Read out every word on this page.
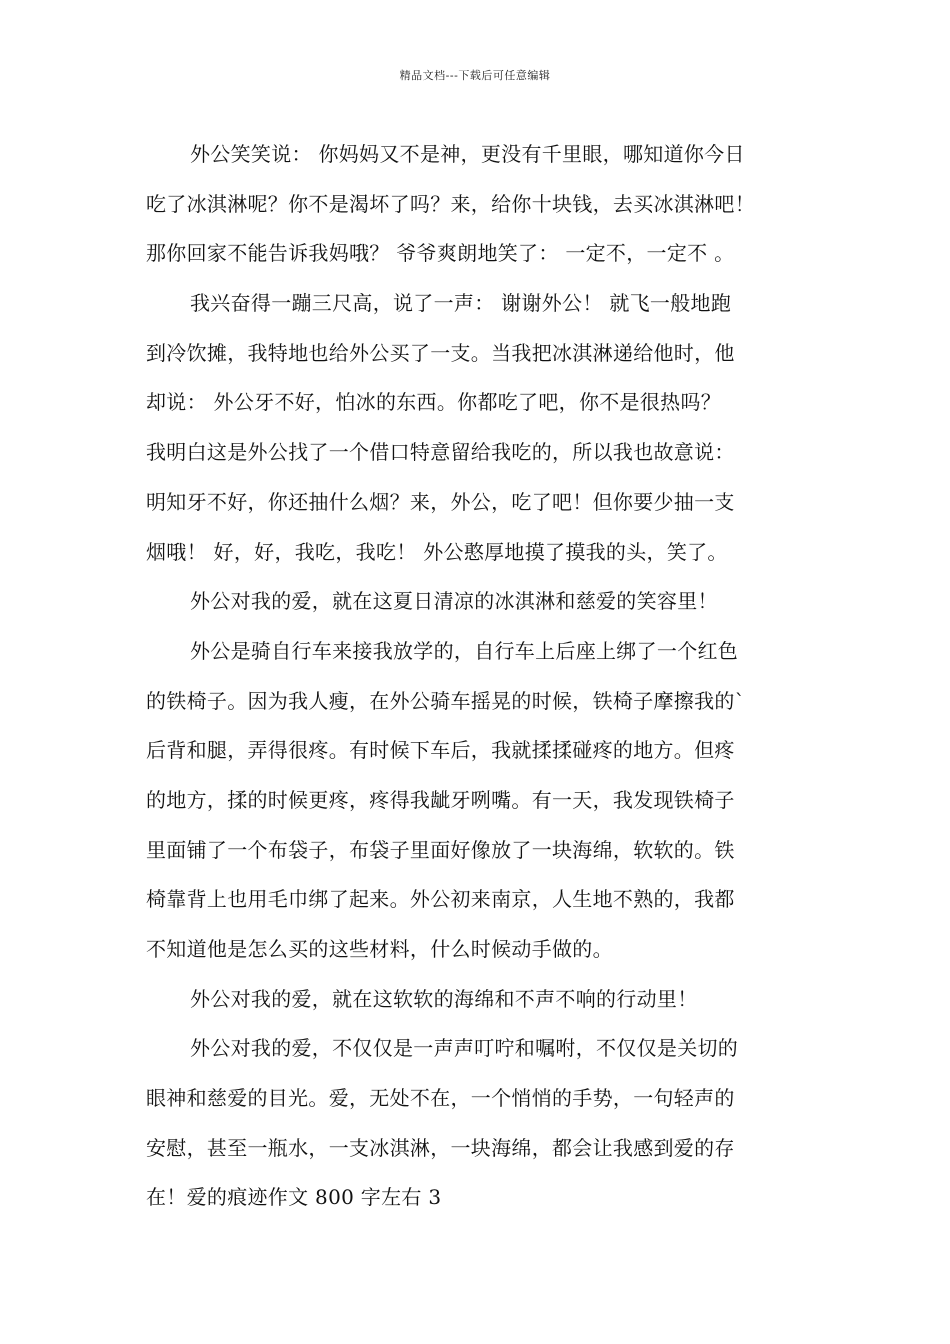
精品文档---下载后可任意编辑
外公笑笑说： 你妈妈又不是神，更没有千里眼，哪知道你今日
吃了冰淇淋呢？你不是渴坏了吗？来，给你十块钱，去买冰淇淋吧！
那你回家不能告诉我妈哦？ 爷爷爽朗地笑了： 一定不，一定不 。
我兴奋得一蹦三尺高，说了一声： 谢谢外公！ 就飞一般地跑
到冷饮摊，我特地也给外公买了一支。当我把冰淇淋递给他时，他
却说： 外公牙不好，怕冰的东西。你都吃了吧，你不是很热吗？
我明白这是外公找了一个借口特意留给我吃的，所以我也故意说：
明知牙不好，你还抽什么烟？来，外公，吃了吧！但你要少抽一支
烟哦！ 好，好，我吃，我吃！ 外公憨厚地摸了摸我的头，笑了。
外公对我的爱，就在这夏日清凉的冰淇淋和慈爱的笑容里！
外公是骑自行车来接我放学的，自行车上后座上绑了一个红色
的铁椅子。因为我人瘦，在外公骑车摇晃的时候，铁椅子摩擦我的`
后背和腿，弄得很疼。有时候下车后，我就揉揉碰疼的地方。但疼
的地方，揉的时候更疼，疼得我龇牙咧嘴。有一天，我发现铁椅子
里面铺了一个布袋子，布袋子里面好像放了一块海绵，软软的。铁
椅靠背上也用毛巾绑了起来。外公初来南京，人生地不熟的，我都
不知道他是怎么买的这些材料，什么时候动手做的。
外公对我的爱，就在这软软的海绵和不声不响的行动里！
外公对我的爱，不仅仅是一声声叮咛和嘱咐，不仅仅是关切的
眼神和慈爱的目光。爱，无处不在，一个悄悄的手势，一句轻声的
安慰，甚至一瓶水，一支冰淇淋，一块海绵，都会让我感到爱的存
在！爱的痕迹作文 800 字左右 3
